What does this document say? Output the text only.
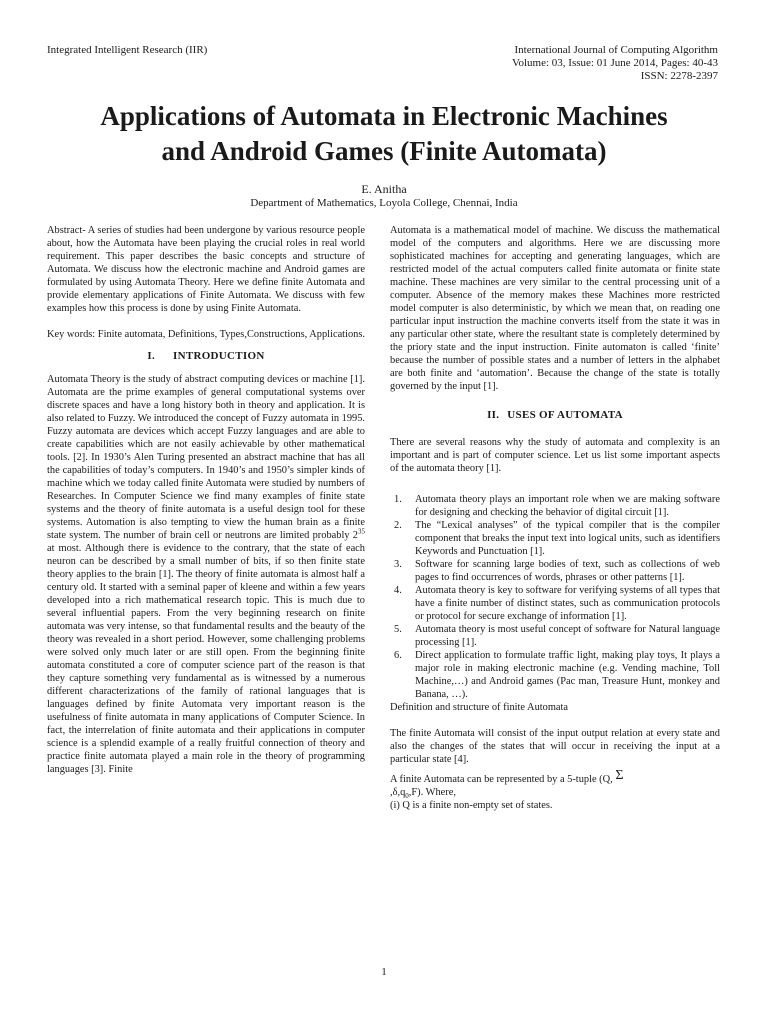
Integrated Intelligent Research (IIR)	International Journal of Computing Algorithm
Volume: 03, Issue: 01 June 2014, Pages: 40-43
ISSN: 2278-2397
Applications of Automata in Electronic Machines
and Android Games (Finite Automata)
E. Anitha
Department of Mathematics, Loyola College, Chennai, India

Abstract- A series of studies had been undergone by various resource people about, how the Automata have been playing the crucial roles in real world requirement. This paper describes the basic concepts and structure of Automata. We discuss how the electronic machine and Android games are formulated by using Automata Theory. Here we define finite Automata and provide elementary applications of Finite Automata. We discuss with few examples how this process is done by using Finite Automata.

Key words: Finite automata, Definitions, Types,Constructions, Applications.

I. INTRODUCTION

Automata Theory is the study of abstract computing devices or machine [1]. Automata are the prime examples of general computational systems over discrete spaces and have a long history both in theory and application. It is also related to Fuzzy. We introduced the concept of Fuzzy automata in 1995. Fuzzy automata are devices which accept Fuzzy languages and are able to create capabilities which are not easily achievable by other mathematical tools. [2]. In 1930’s Alen Turing presented an abstract machine that has all the capabilities of today’s computers. In 1940’s and 1950’s simpler kinds of machine which we today called finite Automata were studied by numbers of Researches. In Computer Science we find many examples of finite state systems and the theory of finite automata is a useful design tool for these systems. Automation is also tempting to view the human brain as a finite state system. The number of brain cell or neutrons are limited probably $2^{35}$ at most. Although there is evidence to the contrary, that the state of each neuron can be described by a small number of bits, if so then finite state theory applies to the brain [1]. The theory of finite automata is almost half a century old. It started with a seminal paper of kleene and within a few years developed into a rich mathematical research topic. This is much due to several influential papers. From the very beginning research on finite automata was very intense, so that fundamental results and the beauty of the theory was revealed in a short period. However, some challenging problems were solved only much later or are still open. From the beginning finite automata constituted a core of computer science part of the reason is that they capture something very fundamental as is witnessed by a numerous different characterizations of the family of rational languages that is languages defined by finite Automata very important reason is the usefulness of finite automata in many applications of Computer Science. In fact, the interrelation of finite automata and their applications in computer science is a splendid example of a really fruitful connection of theory and practice finite automata played a main role in the theory of programming languages [3]. Finite

Automata is a mathematical model of machine. We discuss the mathematical model of the computers and algorithms. Here we are discussing more sophisticated machines for accepting and generating languages, which are restricted model of the actual computers called finite automata or finite state machine. These machines are very similar to the central processing unit of a computer. Absence of the memory makes these Machines more restricted model computer is also deterministic, by which we mean that, on reading one particular input instruction the machine converts itself from the state it was in any particular other state, where the resultant state is completely determined by the priory state and the input instruction. Finite automaton is called ‘finite’ because the number of possible states and a number of letters in the alphabet are both finite and ‘automation’. Because the change of the state is totally governed by the input [1].

II. USES OF AUTOMATA

There are several reasons why the study of automata and complexity is an important and is part of computer science. Let us list some important aspects of the automata theory [1].

1. Automata theory plays an important role when we are making software for designing and checking the behavior of digital circuit [1].
2. The “Lexical analyses” of the typical compiler that is the compiler component that breaks the input text into logical units, such as identifiers Keywords and Punctuation [1].
3. Software for scanning large bodies of text, such as collections of web pages to find occurrences of words, phrases or other patterns [1].
4. Automata theory is key to software for verifying systems of all types that have a finite number of distinct states, such as communication protocols or protocol for secure exchange of information [1].
5. Automata theory is most useful concept of software for Natural language processing [1].
6. Direct application to formulate traffic light, making play toys, It plays a major role in making electronic machine (e.g. Vending machine, Toll Machine,…) and Android games (Pac man, Treasure Hunt, monkey and Banana, …).

Definition and structure of finite Automata

The finite Automata will consist of the input output relation at every state and also the changes of the states that will occur in receiving the input at a particular state [4].

A finite Automata can be represented by a 5-tuple (Q, Σ
$,\delta,q_0,F$). Where,

(i) Q is a finite non-empty set of states.

1
